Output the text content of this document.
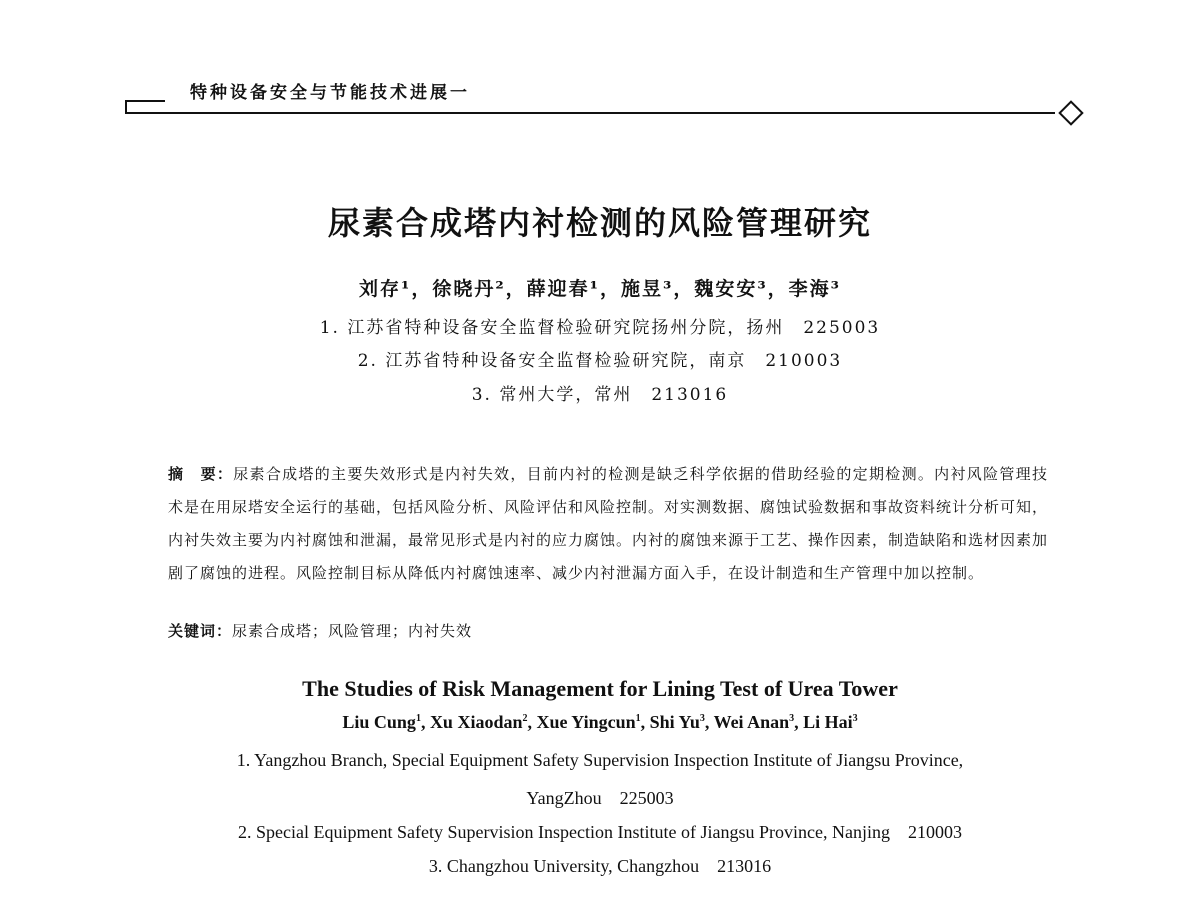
特种设备安全与节能技术进展一
尿素合成塔内衬检测的风险管理研究
刘存¹，徐晓丹²，薛迎春¹，施昱³，魏安安³，李海³
1. 江苏省特种设备安全监督检验研究院扬州分院，扬州　225003
2. 江苏省特种设备安全监督检验研究院，南京　210003
3. 常州大学，常州　213016
摘　要：尿素合成塔的主要失效形式是内衬失效，目前内衬的检测是缺乏科学依据的借助经验的定期检测。内衬风险管理技术是在用尿塔安全运行的基础，包括风险分析、风险评估和风险控制。对实测数据、腐蚀试验数据和事故资料统计分析可知，内衬失效主要为内衬腐蚀和泄漏，最常见形式是内衬的应力腐蚀。内衬的腐蚀来源于工艺、操作因素，制造缺陷和选材因素加剧了腐蚀的进程。风险控制目标从降低内衬腐蚀速率、减少内衬泄漏方面入手，在设计制造和生产管理中加以控制。
关键词：尿素合成塔；风险管理；内衬失效
The Studies of Risk Management for Lining Test of Urea Tower
Liu Cung$^1$, Xu Xiaodan$^2$, Xue Yingcun$^1$, Shi Yu$^3$, Wei Anan$^3$, Li Hai$^3$
1. Yangzhou Branch, Special Equipment Safety Supervision Inspection Institute of Jiangsu Province,
YangZhou　225003
2. Special Equipment Safety Supervision Inspection Institute of Jiangsu Province, Nanjing　210003
3. Changzhou University, Changzhou　213016
